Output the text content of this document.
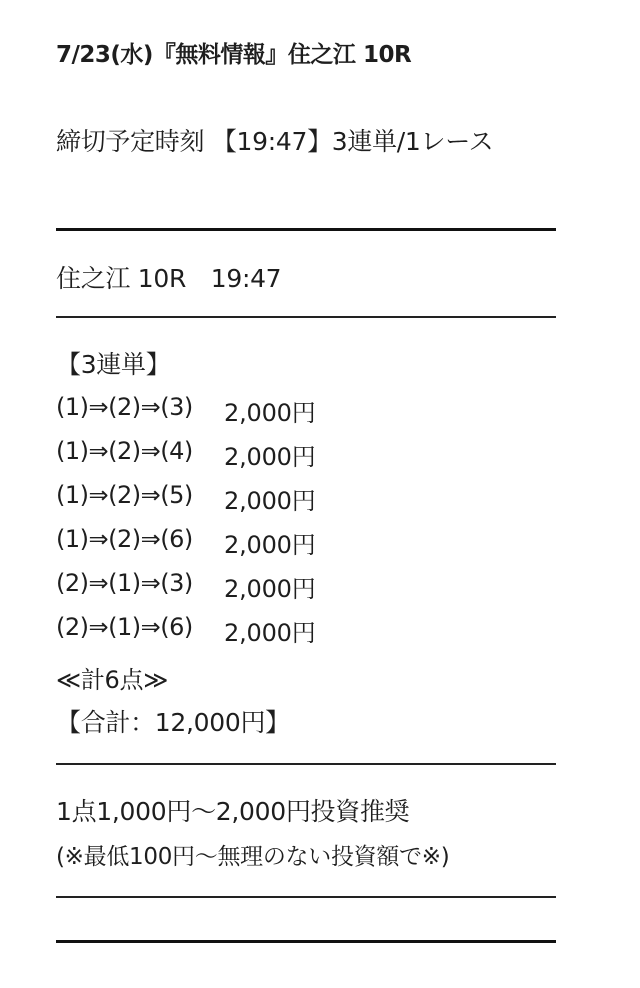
7/23(水)『無料情報』住之江 10R
締切予定時刻 【19:47】3連単/1レース
住之江 10R　19:47
【3連単】
(1)⇒(2)⇒(3)	2,000円
(1)⇒(2)⇒(4)	2,000円
(1)⇒(2)⇒(5)	2,000円
(1)⇒(2)⇒(6)	2,000円
(2)⇒(1)⇒(3)	2,000円
(2)⇒(1)⇒(6)	2,000円
≪計6点≫
【合計：12,000円】
1点1,000円～2,000円投資推奨
(※最低100円～無理のない投資額で※)
